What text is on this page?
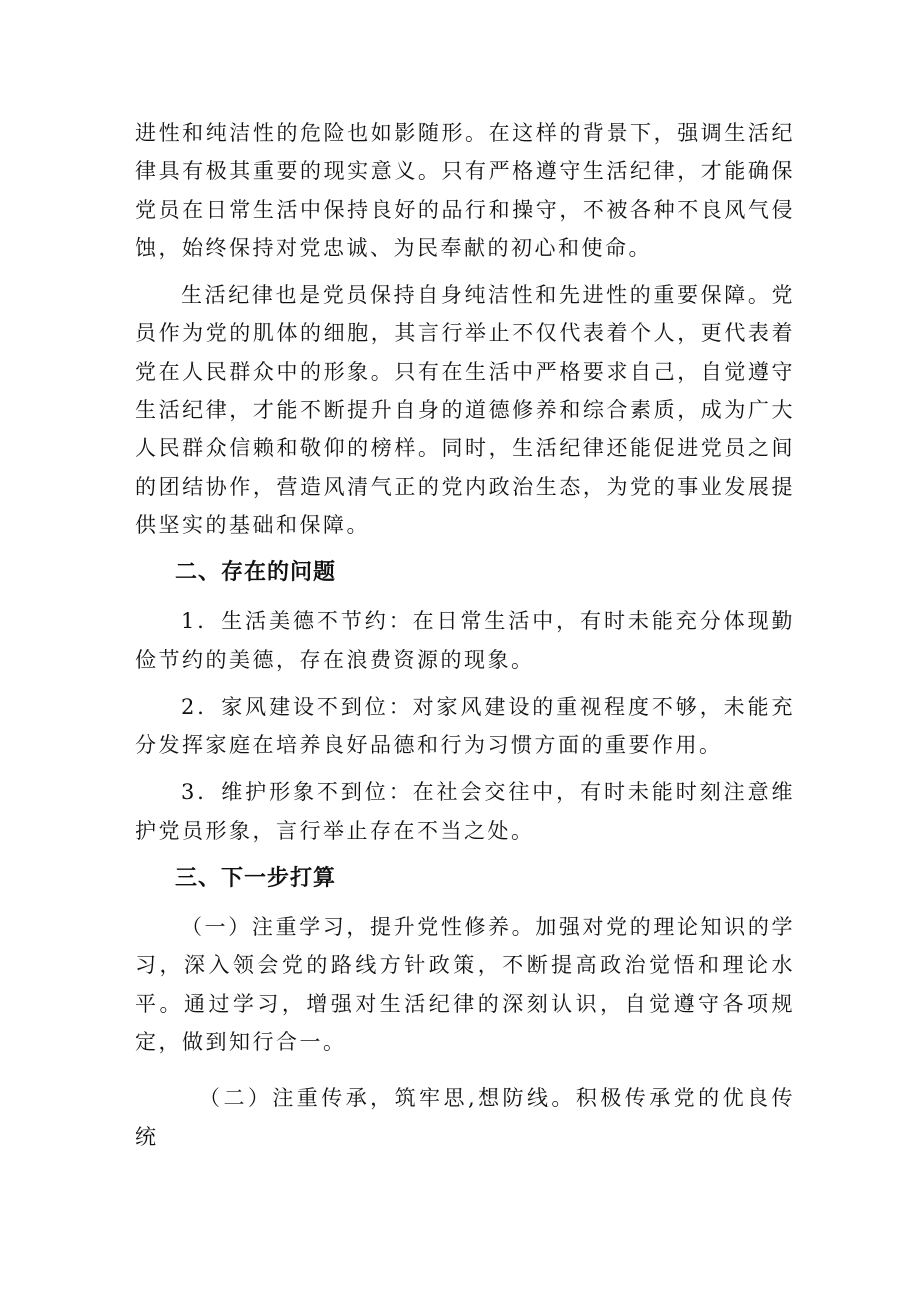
进性和纯洁性的危险也如影随形。在这样的背景下，强调生活纪律具有极其重要的现实意义。只有严格遵守生活纪律，才能确保党员在日常生活中保持良好的品行和操守，不被各种不良风气侵蚀，始终保持对党忠诚、为民奉献的初心和使命。

生活纪律也是党员保持自身纯洁性和先进性的重要保障。党员作为党的肌体的细胞，其言行举止不仅代表着个人，更代表着党在人民群众中的形象。只有在生活中严格要求自己，自觉遵守生活纪律，才能不断提升自身的道德修养和综合素质，成为广大人民群众信赖和敬仰的榜样。同时，生活纪律还能促进党员之间的团结协作，营造风清气正的党内政治生态，为党的事业发展提供坚实的基础和保障。

二、存在的问题

1．生活美德不节约：在日常生活中，有时未能充分体现勤俭节约的美德，存在浪费资源的现象。

2．家风建设不到位：对家风建设的重视程度不够，未能充分发挥家庭在培养良好品德和行为习惯方面的重要作用。

3．维护形象不到位：在社会交往中，有时未能时刻注意维护党员形象，言行举止存在不当之处。

三、下一步打算

（一）注重学习，提升党性修养。加强对党的理论知识的学习，深入领会党的路线方针政策，不断提高政治觉悟和理论水平。通过学习，增强对生活纪律的深刻认识，自觉遵守各项规定，做到知行合一。

（二）注重传承，筑牢思,想防线。积极传承党的优良传统
